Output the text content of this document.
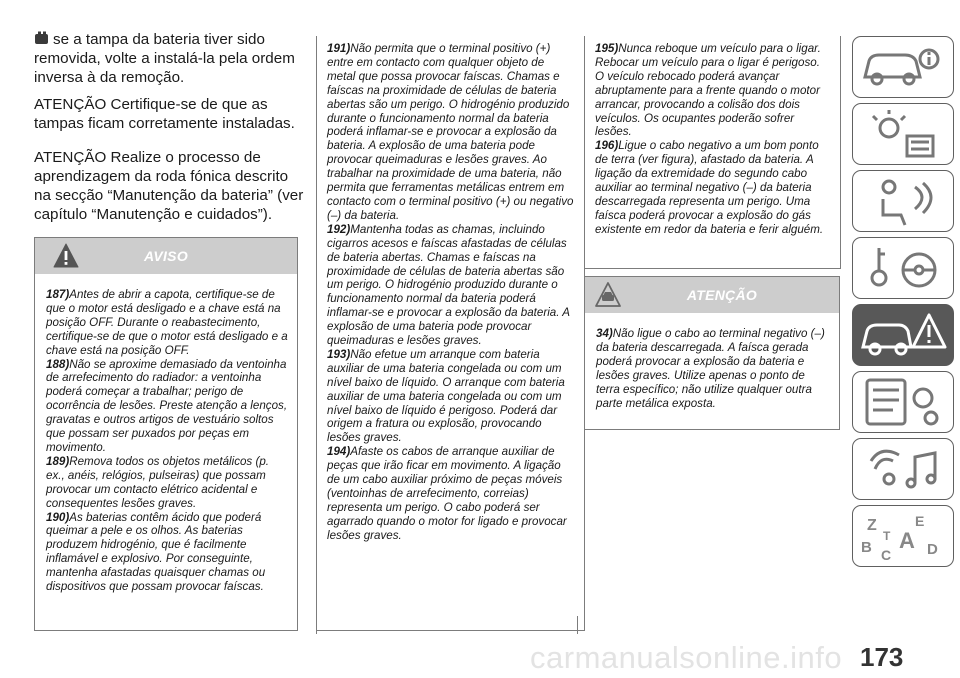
se a tampa da bateria tiver sido removida, volte a instalá-la pela ordem inversa à da remoção.

ATENÇÃO Certifique-se de que as tampas ficam corretamente instaladas.

ATENÇÃO Realize o processo de aprendizagem da roda fónica descrito na secção “Manutenção da bateria” (ver capítulo “Manutenção e cuidados”).

AVISO

187)Antes de abrir a capota, certifique-se de que o motor está desligado e a chave está na posição OFF. Durante o reabastecimento, certifique-se de que o motor está desligado e a chave está na posição OFF.

188)Não se aproxime demasiado da ventoinha de arrefecimento do radiador: a ventoinha poderá começar a trabalhar; perigo de ocorrência de lesões. Preste atenção a lenços, gravatas e outros artigos de vestuário soltos que possam ser puxados por peças em movimento.

189)Remova todos os objetos metálicos (p. ex., anéis, relógios, pulseiras) que possam provocar um contacto elétrico acidental e consequentes lesões graves.

190)As baterias contêm ácido que poderá queimar a pele e os olhos. As baterias produzem hidrogénio, que é facilmente inflamável e explosivo. Por conseguinte, mantenha afastadas quaisquer chamas ou dispositivos que possam provocar faíscas.

191)Não permita que o terminal positivo (+) entre em contacto com qualquer objeto de metal que possa provocar faíscas. Chamas e faíscas na proximidade de células de bateria abertas são um perigo. O hidrogénio produzido durante o funcionamento normal da bateria poderá inflamar-se e provocar a explosão da bateria. A explosão de uma bateria pode provocar queimaduras e lesões graves. Ao trabalhar na proximidade de uma bateria, não permita que ferramentas metálicas entrem em contacto com o terminal positivo (+) ou negativo (–) da bateria.

192)Mantenha todas as chamas, incluindo cigarros acesos e faíscas afastadas de células de bateria abertas. Chamas e faíscas na proximidade de células de bateria abertas são um perigo. O hidrogénio produzido durante o funcionamento normal da bateria poderá inflamar-se e provocar a explosão da bateria. A explosão de uma bateria pode provocar queimaduras e lesões graves.

193)Não efetue um arranque com bateria auxiliar de uma bateria congelada ou com um nível baixo de líquido. O arranque com bateria auxiliar de uma bateria congelada ou com um nível baixo de líquido é perigoso. Poderá dar origem a fratura ou explosão, provocando lesões graves.

194)Afaste os cabos de arranque auxiliar de peças que irão ficar em movimento. A ligação de um cabo auxiliar próximo de peças móveis (ventoinhas de arrefecimento, correias) representa um perigo. O cabo poderá ser agarrado quando o motor for ligado e provocar lesões graves.

195)Nunca reboque um veículo para o ligar. Rebocar um veículo para o ligar é perigoso. O veículo rebocado poderá avançar abruptamente para a frente quando o motor arrancar, provocando a colisão dos dois veículos. Os ocupantes poderão sofrer lesões.

196)Ligue o cabo negativo a um bom ponto de terra (ver figura), afastado da bateria. A ligação da extremidade do segundo cabo auxiliar ao terminal negativo (–) da bateria descarregada representa um perigo. Uma faísca poderá provocar a explosão do gás existente em redor da bateria e ferir alguém.

ATENÇÃO

34)Não ligue o cabo ao terminal negativo (–) da bateria descarregada. A faísca gerada poderá provocar a explosão da bateria e lesões graves. Utilize apenas o ponto de terra específico; não utilize qualquer outra parte metálica exposta.

Z	E
B A
C
T
D
carmanualsonline.info 173
